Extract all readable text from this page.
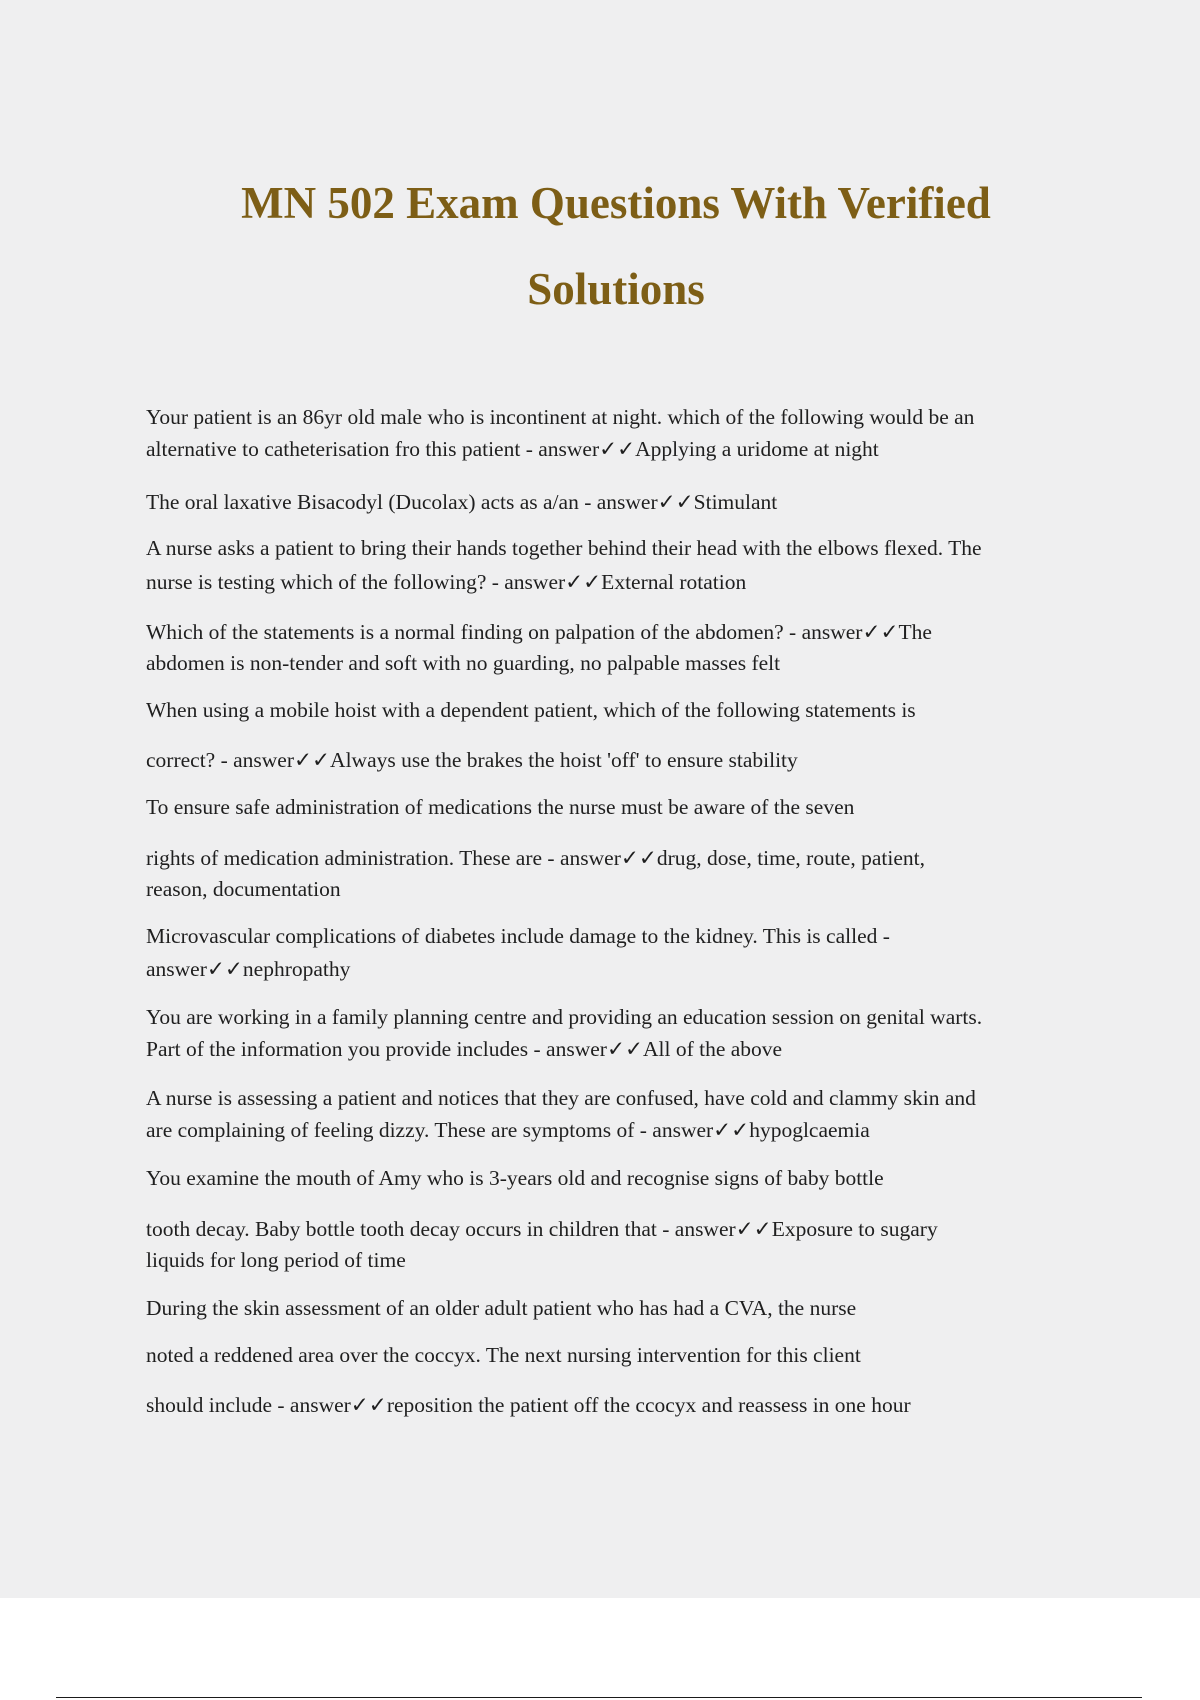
MN 502 Exam Questions With Verified
Solutions
Your patient is an 86yr old male who is incontinent at night. which of the following would be an
alternative to catheterisation fro this patient - answer✓✓Applying a uridome at night
The oral laxative Bisacodyl (Ducolax) acts as a/an - answer✓✓Stimulant
A nurse asks a patient to bring their hands together behind their head with the elbows flexed. The
nurse is testing which of the following? - answer✓✓External rotation
Which of the statements is a normal finding on palpation of the abdomen? - answer✓✓The
abdomen is non-tender and soft with no guarding, no palpable masses felt
When using a mobile hoist with a dependent patient, which of the following statements is
correct? - answer✓✓Always use the brakes the hoist 'off' to ensure stability
To ensure safe administration of medications the nurse must be aware of the seven
rights of medication administration. These are - answer✓✓drug, dose, time, route, patient,
reason, documentation
Microvascular complications of diabetes include damage to the kidney. This is called -
answer✓✓nephropathy
You are working in a family planning centre and providing an education session on genital warts.
Part of the information you provide includes - answer✓✓All of the above
A nurse is assessing a patient and notices that they are confused, have cold and clammy skin and
are complaining of feeling dizzy. These are symptoms of - answer✓✓hypoglcaemia
You examine the mouth of Amy who is 3-years old and recognise signs of baby bottle
tooth decay. Baby bottle tooth decay occurs in children that - answer✓✓Exposure to sugary
liquids for long period of time
During the skin assessment of an older adult patient who has had a CVA, the nurse
noted a reddened area over the coccyx. The next nursing intervention for this client
should include - answer✓✓reposition the patient off the ccocyx and reassess in one hour
